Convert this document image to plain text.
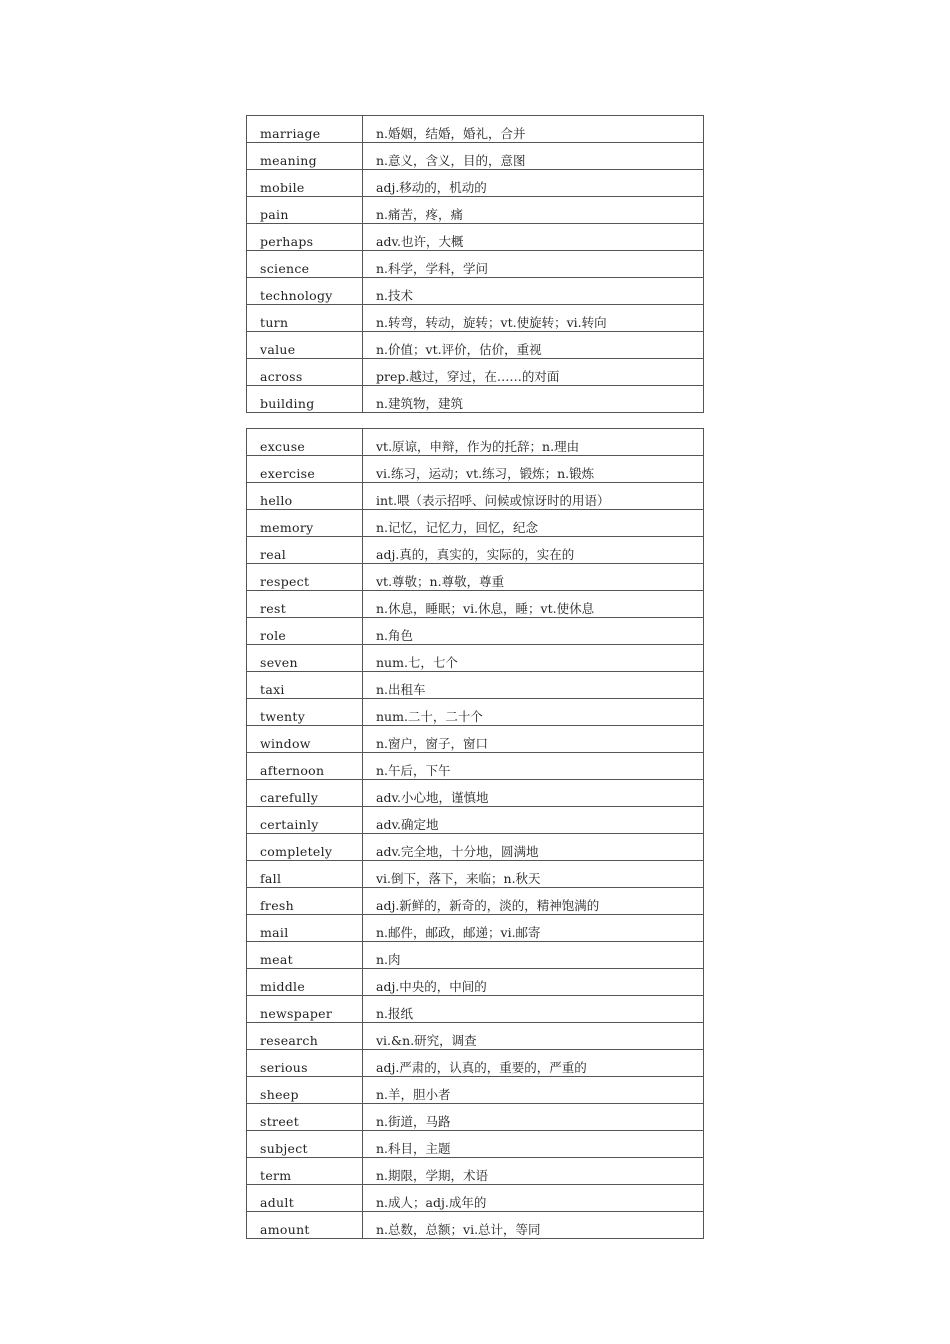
marriage	n.婚姻，结婚，婚礼，合并
meaning	n.意义，含义，目的，意图
mobile	adj.移动的，机动的
pain	n.痛苦，疼，痛
perhaps	adv.也许，大概
science	n.科学，学科，学问
technology	n.技术
turn	n.转弯，转动，旋转；vt.使旋转；vi.转向
value	n.价值；vt.评价，估价，重视
across	prep.越过，穿过，在……的对面
building	n.建筑物，建筑
excuse	vt.原谅，申辩，作为的托辞；n.理由
exercise	vi.练习，运动；vt.练习，锻炼；n.锻炼
hello	int.喂（表示招呼、问候或惊讶时的用语）
memory	n.记忆，记忆力，回忆，纪念
real	adj.真的，真实的，实际的，实在的
respect	vt.尊敬；n.尊敬，尊重
rest	n.休息，睡眠；vi.休息，睡；vt.使休息
role	n.角色
seven	num.七，七个
taxi	n.出租车
twenty	num.二十，二十个
window	n.窗户，窗子，窗口
afternoon	n.午后，下午
carefully	adv.小心地，谨慎地
certainly	adv.确定地
completely	adv.完全地，十分地，圆满地
fall	vi.倒下，落下，来临；n.秋天
fresh	adj.新鲜的，新奇的，淡的，精神饱满的
mail	n.邮件，邮政，邮递；vi.邮寄
meat	n.肉
middle	adj.中央的，中间的
newspaper	n.报纸
research	vi.&n.研究，调查
serious	adj.严肃的，认真的，重要的，严重的
sheep	n.羊，胆小者
street	n.街道，马路
subject	n.科目，主题
term	n.期限，学期，术语
adult	n.成人；adj.成年的
amount	n.总数，总额；vi.总计，等同
